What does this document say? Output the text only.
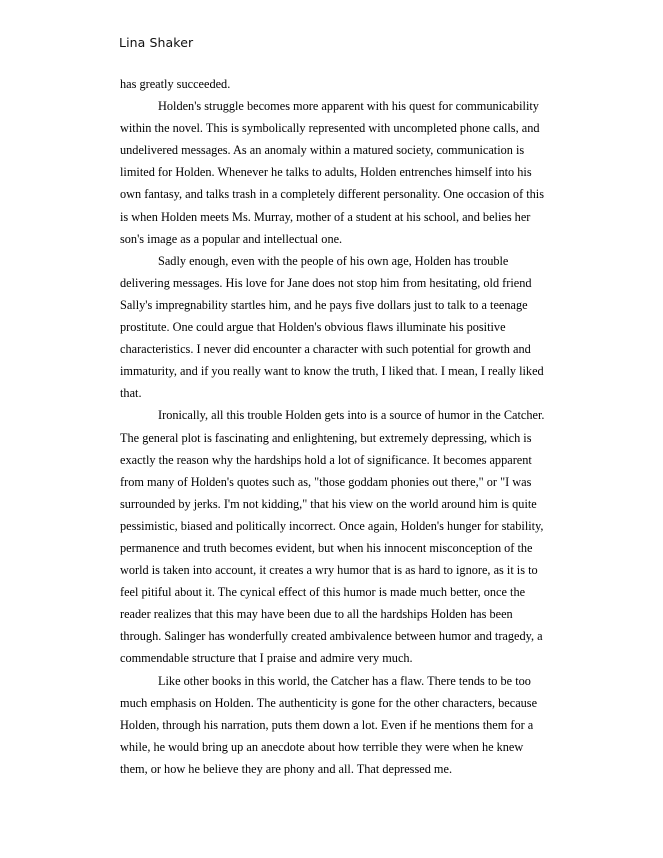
Lina Shaker

has greatly succeeded.

Holden's struggle becomes more apparent with his quest for communicability within the novel. This is symbolically represented with uncompleted phone calls, and undelivered messages. As an anomaly within a matured society, communication is limited for Holden. Whenever he talks to adults, Holden entrenches himself into his own fantasy, and talks trash in a completely different personality. One occasion of this is when Holden meets Ms. Murray, mother of a student at his school, and belies her son's image as a popular and intellectual one.

Sadly enough, even with the people of his own age, Holden has trouble delivering messages. His love for Jane does not stop him from hesitating, old friend Sally's impregnability startles him, and he pays five dollars just to talk to a teenage prostitute. One could argue that Holden's obvious flaws illuminate his positive characteristics. I never did encounter a character with such potential for growth and immaturity, and if you really want to know the truth, I liked that. I mean, I really liked that.

Ironically, all this trouble Holden gets into is a source of humor in the Catcher. The general plot is fascinating and enlightening, but extremely depressing, which is exactly the reason why the hardships hold a lot of significance. It becomes apparent from many of Holden's quotes such as, "those goddam phonies out there," or "I was surrounded by jerks. I'm not kidding," that his view on the world around him is quite pessimistic, biased and politically incorrect. Once again, Holden's hunger for stability, permanence and truth becomes evident, but when his innocent misconception of the world is taken into account, it creates a wry humor that is as hard to ignore, as it is to feel pitiful about it. The cynical effect of this humor is made much better, once the reader realizes that this may have been due to all the hardships Holden has been through. Salinger has wonderfully created ambivalence between humor and tragedy, a commendable structure that I praise and admire very much.

Like other books in this world, the Catcher has a flaw. There tends to be too much emphasis on Holden. The authenticity is gone for the other characters, because Holden, through his narration, puts them down a lot. Even if he mentions them for a while, he would bring up an anecdote about how terrible they were when he knew them, or how he believe they are phony and all. That depressed me.
